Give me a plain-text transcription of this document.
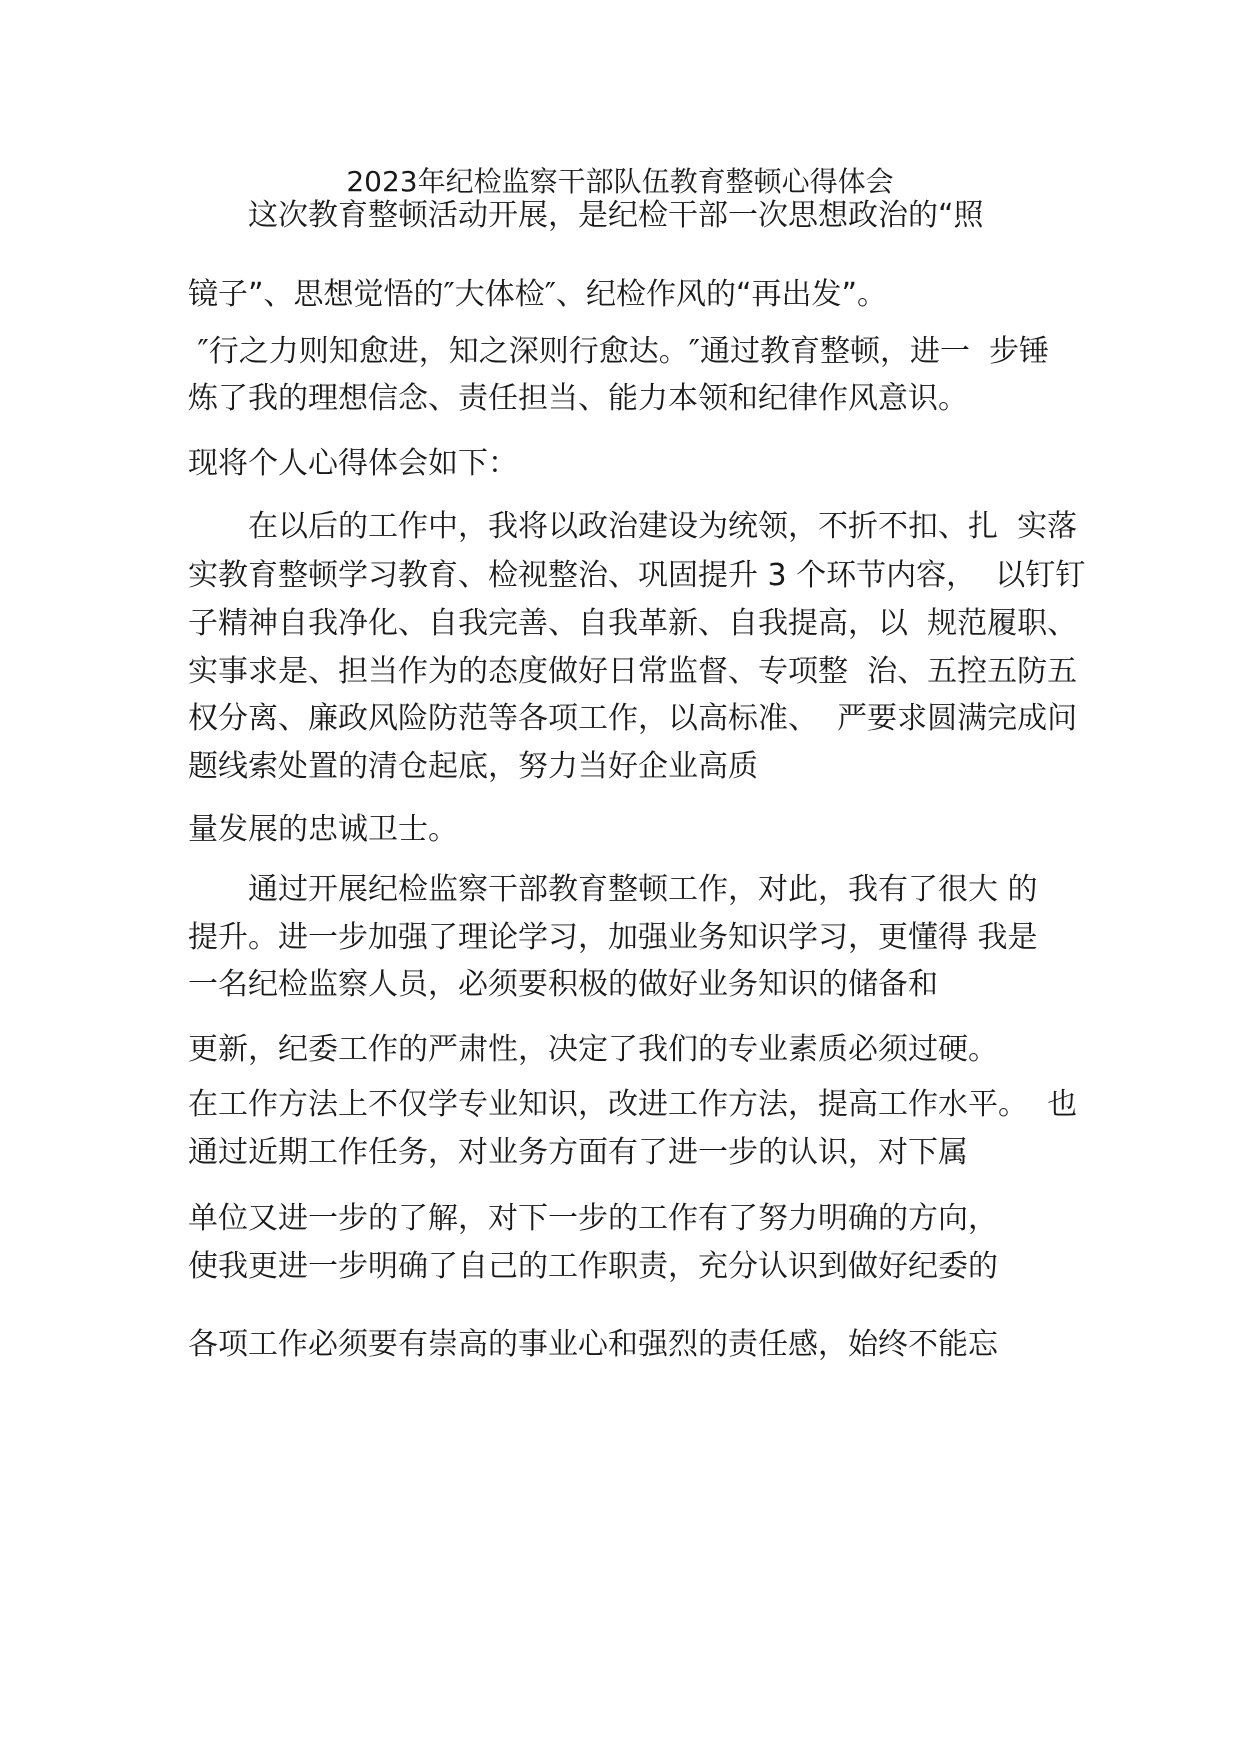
2023年纪检监察干部队伍教育整顿心得体会
　　这次教育整顿活动开展，是纪检干部一次思想政治的“照
镜子”、思想觉悟的″大体检″、纪检作风的“再出发”。
″行之力则知愈进，知之深则行愈达。″通过教育整顿，进一  步锤
炼了我的理想信念、责任担当、能力本领和纪律作风意识。
现将个人心得体会如下：
　　在以后的工作中，我将以政治建设为统领，不折不扣、扎  实落
实教育整顿学习教育、检视整治、巩固提升 3 个环节内容，  以钉钉
子精神自我净化、自我完善、自我革新、自我提高，以  规范履职、
实事求是、担当作为的态度做好日常监督、专项整  治、五控五防五
权分离、廉政风险防范等各项工作，以高标准、  严要求圆满完成问
题线索处置的清仓起底，努力当好企业高质
量发展的忠诚卫士。
　　通过开展纪检监察干部教育整顿工作，对此，我有了很大 的
提升。进一步加强了理论学习，加强业务知识学习，更懂得 我是
一名纪检监察人员，必须要积极的做好业务知识的储备和
更新，纪委工作的严肃性，决定了我们的专业素质必须过硬。
在工作方法上不仅学专业知识，改进工作方法，提高工作水平。  也
通过近期工作任务，对业务方面有了进一步的认识，对下属
单位又进一步的了解，对下一步的工作有了努力明确的方向，
使我更进一步明确了自己的工作职责，充分认识到做好纪委的
各项工作必须要有崇高的事业心和强烈的责任感，始终不能忘
